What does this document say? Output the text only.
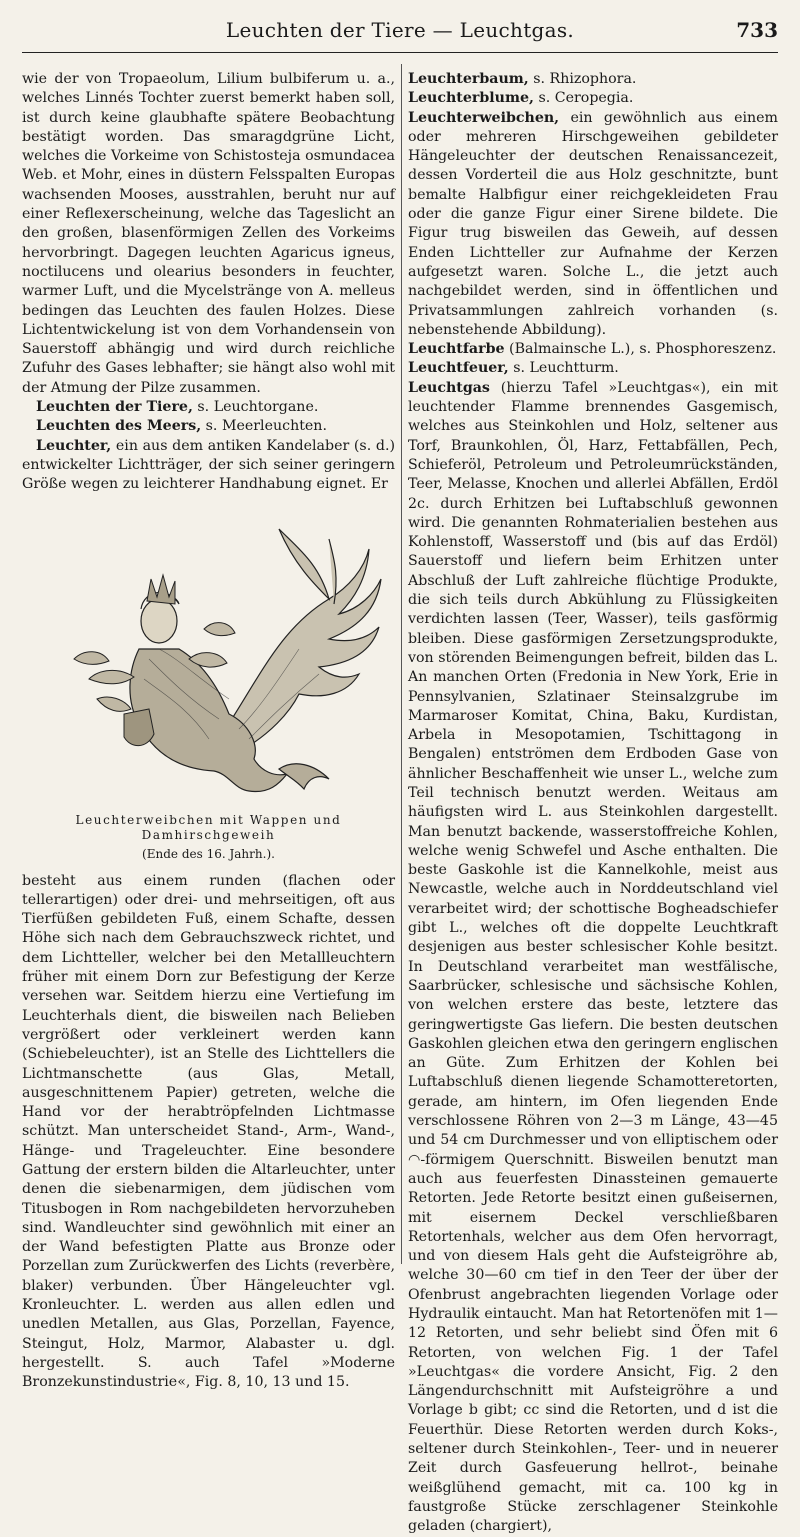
Leuchten der Tiere — Leuchtgas.	733

wie der von Tropaeolum, Lilium bulbiferum u. a., welches Linnés Tochter zuerst bemerkt haben soll, ist durch keine glaubhafte spätere Beobachtung bestätigt worden. Das smaragdgrüne Licht, welches die Vorkeime von Schistosteja osmundacea Web. et Mohr, eines in düstern Felsspalten Europas wachsenden Mooses, ausstrahlen, beruht nur auf einer Reflexerscheinung, welche das Tageslicht an den großen, blasenförmigen Zellen des Vorkeims hervorbringt. Dagegen leuchten Agaricus igneus, noctilucens und olearius besonders in feuchter, warmer Luft, und die Mycelstränge von A. melleus bedingen das Leuchten des faulen Holzes. Diese Lichtentwickelung ist von dem Vorhandensein von Sauerstoff abhängig und wird durch reichliche Zufuhr des Gases lebhafter; sie hängt also wohl mit der Atmung der Pilze zusammen.

Leuchten der Tiere, s. Leuchtorgane.

Leuchten des Meers, s. Meerleuchten.

Leuchter, ein aus dem antiken Kandelaber (s. d.) entwickelter Lichtträger, der sich seiner geringern Größe wegen zu leichterer Handhabung eignet. Er

Leuchterweibchen mit Wappen und Damhirschgeweih
(Ende des 16. Jahrh.).

besteht aus einem runden (flachen oder tellerartigen) oder drei- und mehrseitigen, oft aus Tierfüßen gebildeten Fuß, einem Schafte, dessen Höhe sich nach dem Gebrauchszweck richtet, und dem Lichtteller, welcher bei den Metallleuchtern früher mit einem Dorn zur Befestigung der Kerze versehen war. Seitdem hierzu eine Vertiefung im Leuchterhals dient, die bisweilen nach Belieben vergrößert oder verkleinert werden kann (Schiebeleuchter), ist an Stelle des Lichttellers die Lichtmanschette (aus Glas, Metall, ausgeschnittenem Papier) getreten, welche die Hand vor der herabtröpfelnden Lichtmasse schützt. Man unterscheidet Stand-, Arm-, Wand-, Hänge- und Trageleuchter. Eine besondere Gattung der erstern bilden die Altarleuchter, unter denen die siebenarmigen, dem jüdischen vom Titusbogen in Rom nachgebildeten hervorzuheben sind. Wandleuchter sind gewöhnlich mit einer an der Wand befestigten Platte aus Bronze oder Porzellan zum Zurückwerfen des Lichts (reverbère, blaker) verbunden. Über Hängeleuchter vgl. Kronleuchter. L. werden aus allen edlen und unedlen Metallen, aus Glas, Porzellan, Fayence, Steingut, Holz, Marmor, Alabaster u. dgl. hergestellt. S. auch Tafel »Moderne Bronzekunstindustrie«, Fig. 8, 10, 13 und 15.

Leuchterbaum, s. Rhizophora.

Leuchterblume, s. Ceropegia.

Leuchterweibchen, ein gewöhnlich aus einem oder mehreren Hirschgeweihen gebildeter Hängeleuchter der deutschen Renaissancezeit, dessen Vorderteil die aus Holz geschnitzte, bunt bemalte Halbfigur einer reichgekleideten Frau oder die ganze Figur einer Sirene bildete. Die Figur trug bisweilen das Geweih, auf dessen Enden Lichtteller zur Aufnahme der Kerzen aufgesetzt waren. Solche L., die jetzt auch nachgebildet werden, sind in öffentlichen und Privatsammlungen zahlreich vorhanden (s. nebenstehende Abbildung).

Leuchtfarbe (Balmainsche L.), s. Phosphoreszenz.

Leuchtfeuer, s. Leuchtturm.

Leuchtgas (hierzu Tafel »Leuchtgas«), ein mit leuchtender Flamme brennendes Gasgemisch, welches aus Steinkohlen und Holz, seltener aus Torf, Braunkohlen, Öl, Harz, Fettabfällen, Pech, Schieferöl, Petroleum und Petroleumrückständen, Teer, Melasse, Knochen und allerlei Abfällen, Erdöl 2c. durch Erhitzen bei Luftabschluß gewonnen wird. Die genannten Rohmaterialien bestehen aus Kohlenstoff, Wasserstoff und (bis auf das Erdöl) Sauerstoff und liefern beim Erhitzen unter Abschluß der Luft zahlreiche flüchtige Produkte, die sich teils durch Abkühlung zu Flüssigkeiten verdichten lassen (Teer, Wasser), teils gasförmig bleiben. Diese gasförmigen Zersetzungsprodukte, von störenden Beimengungen befreit, bilden das L. An manchen Orten (Fredonia in New York, Erie in Pennsylvanien, Szlatinaer Steinsalzgrube im Marmaroser Komitat, China, Baku, Kurdistan, Arbela in Mesopotamien, Tschittagong in Bengalen) entströmen dem Erdboden Gase von ähnlicher Beschaffenheit wie unser L., welche zum Teil technisch benutzt werden. Weitaus am häufigsten wird L. aus Steinkohlen dargestellt. Man benutzt backende, wasserstoffreiche Kohlen, welche wenig Schwefel und Asche enthalten. Die beste Gaskohle ist die Kannelkohle, meist aus Newcastle, welche auch in Norddeutschland viel verarbeitet wird; der schottische Bogheadschiefer gibt L., welches oft die doppelte Leuchtkraft desjenigen aus bester schlesischer Kohle besitzt. In Deutschland verarbeitet man westfälische, Saarbrücker, schlesische und sächsische Kohlen, von welchen erstere das beste, letztere das geringwertigste Gas liefern. Die besten deutschen Gaskohlen gleichen etwa den geringern englischen an Güte. Zum Erhitzen der Kohlen bei Luftabschluß dienen liegende Schamotteretorten, gerade, am hintern, im Ofen liegenden Ende verschlossene Röhren von 2—3 m Länge, 43—45 und 54 cm Durchmesser und von elliptischem oder ◠-förmigem Querschnitt. Bisweilen benutzt man auch aus feuerfesten Dinassteinen gemauerte Retorten. Jede Retorte besitzt einen gußeisernen, mit eisernem Deckel verschließbaren Retortenhals, welcher aus dem Ofen hervorragt, und von diesem Hals geht die Aufsteigröhre ab, welche 30—60 cm tief in den Teer der über der Ofenbrust angebrachten liegenden Vorlage oder Hydraulik eintaucht. Man hat Retortenöfen mit 1—12 Retorten, und sehr beliebt sind Öfen mit 6 Retorten, von welchen Fig. 1 der Tafel »Leuchtgas« die vordere Ansicht, Fig. 2 den Längendurchschnitt mit Aufsteigröhre a und Vorlage b gibt; cc sind die Retorten, und d ist die Feuerthür. Diese Retorten werden durch Koks-, seltener durch Steinkohlen-, Teer- und in neuerer Zeit durch Gasfeuerung hellrot-, beinahe weißglühend gemacht, mit ca. 100 kg in faustgroße Stücke zerschlagener Steinkohle geladen (chargiert),
